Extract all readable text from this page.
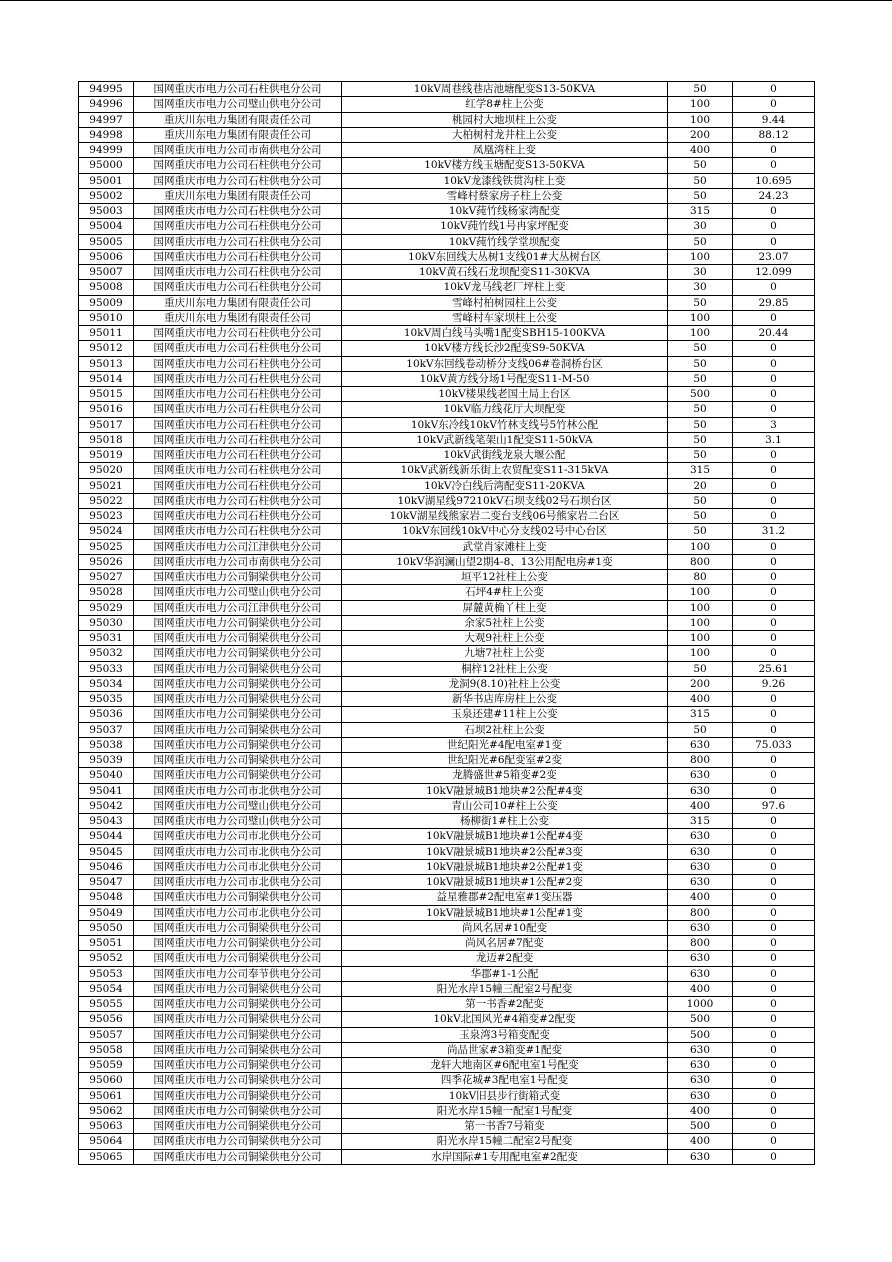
94995	国网重庆市电力公司石柱供电分公司	10kV周巷线巷店池塘配变S13-50KVA	50	0
94996	国网重庆市电力公司璧山供电分公司	红学8#柱上公变	100	0
94997	重庆川东电力集团有限责任公司	桃园村大地坝柱上公变	100	9.44
94998	重庆川东电力集团有限责任公司	大柏树村龙井柱上公变	200	88.12
94999	国网重庆市电力公司市南供电分公司	凤凰湾柱上变	400	0
95000	国网重庆市电力公司石柱供电分公司	10kV楼方线玉塘配变S13-50KVA	50	0
95001	国网重庆市电力公司石柱供电分公司	10kV龙漆线铁贯沟柱上变	50	10.695
95002	重庆川东电力集团有限责任公司	雪峰村蔡家房子柱上公变	50	24.23
95003	国网重庆市电力公司石柱供电分公司	10kV莼竹线杨家湾配变	315	0
95004	国网重庆市电力公司石柱供电分公司	10kV莼竹线1号冉家坪配变	30	0
95005	国网重庆市电力公司石柱供电分公司	10kV莼竹线学堂坝配变	50	0
95006	国网重庆市电力公司石柱供电分公司	10kV东回线大丛树1支线01#大丛树台区	100	23.07
95007	国网重庆市电力公司石柱供电分公司	10kV黄石线石龙坝配变S11-30KVA	30	12.099
95008	国网重庆市电力公司石柱供电分公司	10kV龙马线老厂坪柱上变	30	0
95009	重庆川东电力集团有限责任公司	雪峰村柏树园柱上公变	50	29.85
95010	重庆川东电力集团有限责任公司	雪峰村车家坝柱上公变	100	0
95011	国网重庆市电力公司石柱供电分公司	10kV周白线马头嘴1配变SBH15-100KVA	100	20.44
95012	国网重庆市电力公司石柱供电分公司	10kV楼方线长沙2配变S9-50KVA	50	0
95013	国网重庆市电力公司石柱供电分公司	10kV东回线卷动桥分支线06#卷洞桥台区	50	0
95014	国网重庆市电力公司石柱供电分公司	10kV黄方线分场1号配变S11-M-50	50	0
95015	国网重庆市电力公司石柱供电分公司	10kV楼果线老国土局上台区	500	0
95016	国网重庆市电力公司石柱供电分公司	10kV临力线花厅大坝配变	50	0
95017	国网重庆市电力公司石柱供电分公司	10kV东冷线10kV竹林支线号5竹林公配	50	3
95018	国网重庆市电力公司石柱供电分公司	10kV武新线笔架山1配变S11-50kVA	50	3.1
95019	国网重庆市电力公司石柱供电分公司	10kV武街线龙泉大堰公配	50	0
95020	国网重庆市电力公司石柱供电分公司	10kV武新线新乐街上农贸配变S11-315kVA	315	0
95021	国网重庆市电力公司石柱供电分公司	10kV冷白线后湾配变S11-20KVA	20	0
95022	国网重庆市电力公司石柱供电分公司	10kV湖星线97210kV石坝支线02号石坝台区	50	0
95023	国网重庆市电力公司石柱供电分公司	10kV湖星线熊家岩二变台支线06号熊家岩二台区	50	0
95024	国网重庆市电力公司石柱供电分公司	10kV东回线10kV中心分支线02号中心台区	50	31.2
95025	国网重庆市电力公司江津供电分公司	武堂肖家滩柱上变	100	0
95026	国网重庆市电力公司市南供电分公司	10kV华润澜山望2期4-8、13公用配电房#1变	800	0
95027	国网重庆市电力公司铜梁供电分公司	垣平12社柱上公变	80	0
95028	国网重庆市电力公司璧山供电分公司	石坪4#柱上公变	100	0
95029	国网重庆市电力公司江津供电分公司	屏麓黄桷丫柱上变	100	0
95030	国网重庆市电力公司铜梁供电分公司	余家5社柱上公变	100	0
95031	国网重庆市电力公司铜梁供电分公司	大观9社柱上公变	100	0
95032	国网重庆市电力公司铜梁供电分公司	九塘7社柱上公变	100	0
95033	国网重庆市电力公司铜梁供电分公司	桐梓12社柱上公变	50	25.61
95034	国网重庆市电力公司铜梁供电分公司	龙洞9(8.10)社柱上公变	200	9.26
95035	国网重庆市电力公司铜梁供电分公司	新华书店库房柱上公变	400	0
95036	国网重庆市电力公司铜梁供电分公司	玉泉还建#11柱上公变	315	0
95037	国网重庆市电力公司铜梁供电分公司	石坝2社柱上公变	50	0
95038	国网重庆市电力公司铜梁供电分公司	世纪阳光#4配电室#1变	630	75.033
95039	国网重庆市电力公司铜梁供电分公司	世纪阳光#6配变室#2变	800	0
95040	国网重庆市电力公司铜梁供电分公司	龙腾盛世#5箱变#2变	630	0
95041	国网重庆市电力公司市北供电分公司	10kV融景城B1地块#2公配#4变	630	0
95042	国网重庆市电力公司璧山供电分公司	青山公司10#柱上公变	400	97.6
95043	国网重庆市电力公司璧山供电分公司	杨柳街1#柱上公变	315	0
95044	国网重庆市电力公司市北供电分公司	10kV融景城B1地块#1公配#4变	630	0
95045	国网重庆市电力公司市北供电分公司	10kV融景城B1地块#2公配#3变	630	0
95046	国网重庆市电力公司市北供电分公司	10kV融景城B1地块#2公配#1变	630	0
95047	国网重庆市电力公司市北供电分公司	10kV融景城B1地块#1公配#2变	630	0
95048	国网重庆市电力公司铜梁供电分公司	益星雅郡#2配电室#1变压器	400	0
95049	国网重庆市电力公司市北供电分公司	10kV融景城B1地块#1公配#1变	800	0
95050	国网重庆市电力公司铜梁供电分公司	尚风名居#10配变	630	0
95051	国网重庆市电力公司铜梁供电分公司	尚风名居#7配变	800	0
95052	国网重庆市电力公司铜梁供电分公司	龙迈#2配变	630	0
95053	国网重庆市电力公司奉节供电分公司	华郡#1-1公配	630	0
95054	国网重庆市电力公司铜梁供电分公司	阳光水岸15幢三配室2号配变	400	0
95055	国网重庆市电力公司铜梁供电分公司	第一书香#2配变	1000	0
95056	国网重庆市电力公司铜梁供电分公司	10kV北国风光#4箱变#2配变	500	0
95057	国网重庆市电力公司铜梁供电分公司	玉泉湾3号箱变配变	500	0
95058	国网重庆市电力公司铜梁供电分公司	尚品世家#3箱变#1配变	630	0
95059	国网重庆市电力公司铜梁供电分公司	龙轩大地南区#6配电室1号配变	630	0
95060	国网重庆市电力公司铜梁供电分公司	四季花城#3配电室1号配变	630	0
95061	国网重庆市电力公司铜梁供电分公司	10kV旧县步行街箱式变	630	0
95062	国网重庆市电力公司铜梁供电分公司	阳光水岸15幢一配室1号配变	400	0
95063	国网重庆市电力公司铜梁供电分公司	第一书香7号箱变	500	0
95064	国网重庆市电力公司铜梁供电分公司	阳光水岸15幢二配室2号配变	400	0
95065	国网重庆市电力公司铜梁供电分公司	水岸国际#1专用配电室#2配变	630	0
